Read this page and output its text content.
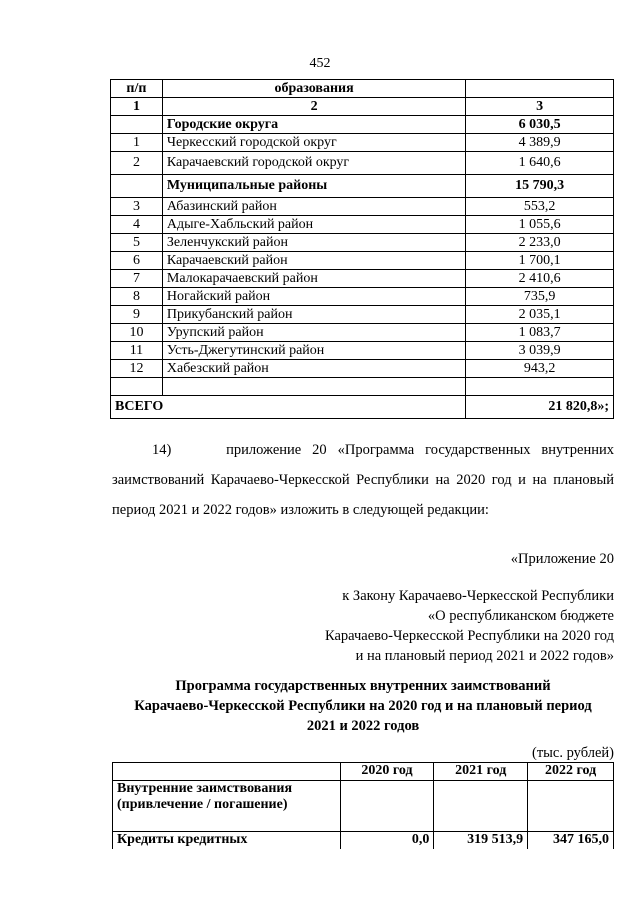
452
п/п	образования	
1	2	3
	Городские округа	6 030,5
1	Черкесский городской округ	4 389,9
2	Карачаевский городской округ	1 640,6
	Муниципальные районы	15 790,3
3	Абазинский район	553,2
4	Адыге-Хабльский район	1 055,6
5	Зеленчукский район	2 233,0
6	Карачаевский район	1 700,1
7	Малокарачаевский район	2 410,6
8	Ногайский район	735,9
9	Прикубанский район	2 035,1
10	Урупский район	1 083,7
11	Усть-Джегутинский район	3 039,9
12	Хабезский район	943,2

ВСЕГО		21 820,8»;
14)	приложение 20 «Программа государственных внутренних заимствований Карачаево-Черкесской Республики на 2020 год и на плановый период 2021 и 2022 годов» изложить в следующей редакции:
«Приложение 20
к Закону Карачаево-Черкесской Республики
«О республиканском бюджете
Карачаево-Черкесской Республики на 2020 год
и на плановый период 2021 и 2022 годов»
Программа государственных внутренних заимствований
Карачаево-Черкесской Республики на 2020 год и на плановый период
2021 и 2022 годов
(тыс. рублей)
	2020 год	2021 год	2022 год

Внутренние заимствования
(привлечение / погашение)			

Кредиты кредитных	0,0	319 513,9	347 165,0
